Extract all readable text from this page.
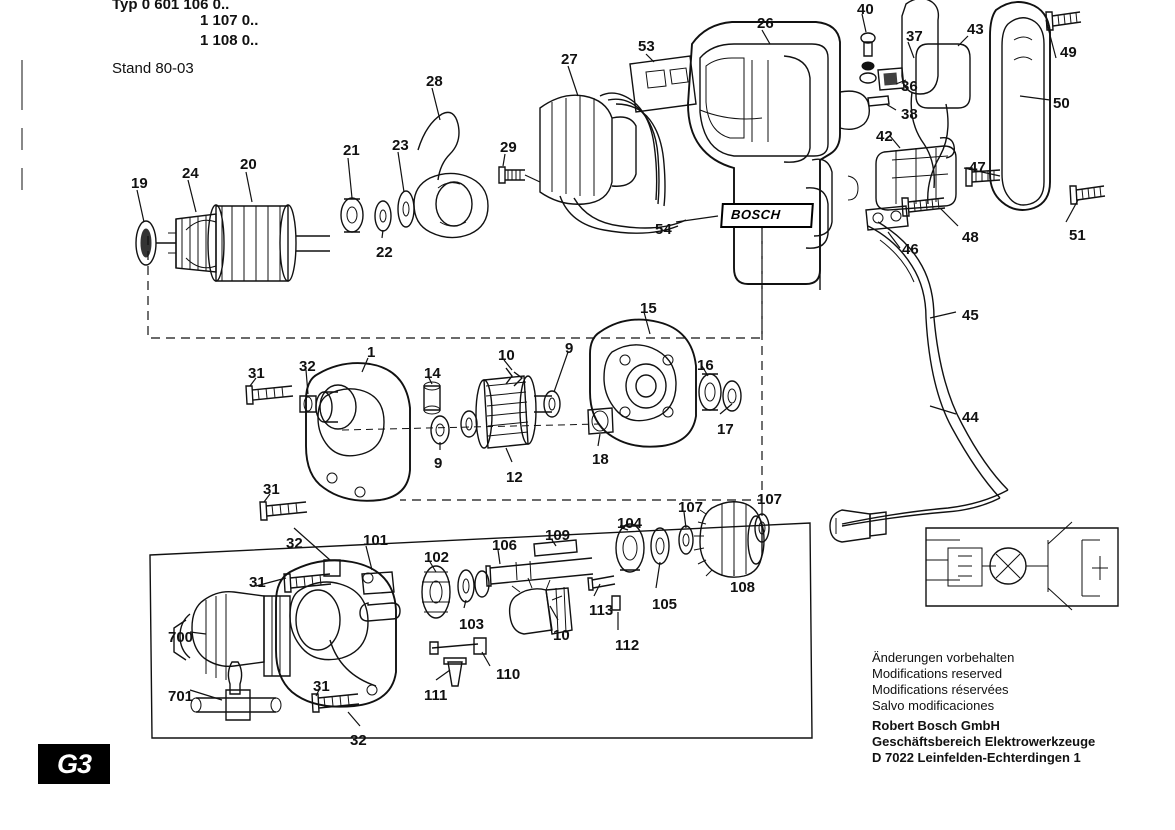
Typ 0 601 106 0..
1 107 0..
1 108 0..
Stand 80-03
BOSCH
Änderungen vorbehalten
Modifications reserved
Modifications réservées
Salvo modificaciones
Robert Bosch GmbH
Geschäftsbereich Elektrowerkzeuge
D 7022 Leinfelden-Echterdingen 1
G3
19
24
20
21
22
23
28
29
27
53
26
40
37	43
49
50
36
38
42
47
51
46
48
54
45
44
15
16
17
18
9
9
10
12
14
1
31 32
31
32
31
101
102
103
106
109
104
107	107
105
108
113
112
10
700
701
110
111
31
32
